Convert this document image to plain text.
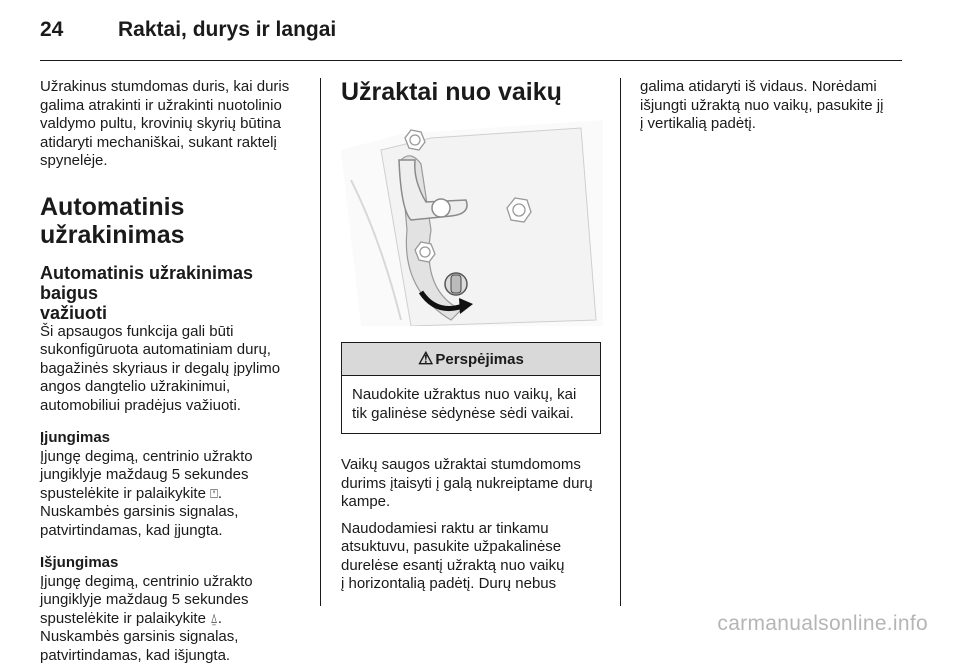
24	Raktai, durys ir langai

Užrakinus stumdomas duris, kai duris
galima atrakinti ir užrakinti nuotolinio
valdymo pultu, krovinių skyrių būtina
atidaryti mechaniškai, sukant raktelį
spynelėje.

Automatinis užrakinimas
Automatinis užrakinimas baigus
važiuoti

Ši apsaugos funkcija gali būti
sukonfigūruota automatiniam durų,
bagažinės skyriaus ir degalų įpylimo
angos dangtelio užrakinimui,
automobiliui pradėjus važiuoti.

Įjungimas

Įjungę degimą, centrinio užrakto
jungiklyje maždaug 5 sekundes
spustelėkite ir palaikykite ⍞.
Nuskambės garsinis signalas,
patvirtindamas, kad įjungta.

Išjungimas

Įjungę degimą, centrinio užrakto
jungiklyje maždaug 5 sekundes
spustelėkite ir palaikykite ⍙.
Nuskambės garsinis signalas,
patvirtindamas, kad išjungta.

Užraktai nuo vaikų
⚠ Perspėjimas
Naudokite užraktus nuo vaikų, kai
tik galinėse sėdynėse sėdi vaikai.

Vaikų saugos užraktai stumdomoms
durims įtaisyti į galą nukreiptame durų
kampe.

Naudodamiesi raktu ar tinkamu
atsuktuvu, pasukite užpakalinėse
durelėse esantį užraktą nuo vaikų
į horizontalią padėtį. Durų nebus

galima atidaryti iš vidaus. Norėdami
išjungti užraktą nuo vaikų, pasukite jį
į vertikalią padėtį.

carmanualsonline.info
